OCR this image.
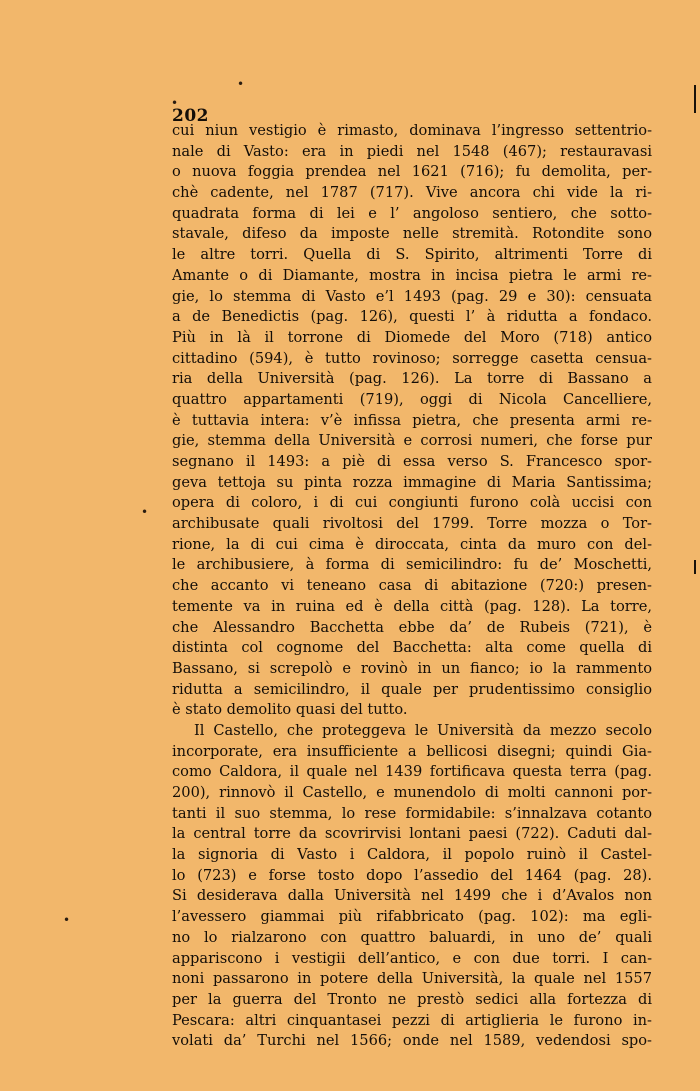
•
•
•
•
202
cui niun vestigio è rimasto, dominava l’ingresso settentrio-
nale di Vasto: era in piedi nel 1548 (467); restauravasi
o nuova foggia prendea nel 1621 (716); fu demolita, per-
chè cadente, nel 1787 (717). Vive ancora chi vide la ri-
quadrata forma di lei e l’ angoloso sentiero, che sotto-
stavale, difeso da imposte nelle stremità. Rotondite sono
le altre torri. Quella di S. Spirito, altrimenti Torre di
Amante o di Diamante, mostra in incisa pietra le armi re-
gie, lo stemma di Vasto e’l 1493 (pag. 29 e 30): censuata
a de Benedictis (pag. 126), questi l’ à ridutta a fondaco.
Più in là il torrone di Diomede del Moro (718) antico
cittadino (594), è tutto rovinoso; sorregge casetta censua-
ria della Università (pag. 126). La torre di Bassano a
quattro appartamenti (719), oggi di Nicola Cancelliere,
è tuttavia intera: v’è infissa pietra, che presenta armi re-
gie, stemma della Università e corrosi numeri, che forse pur
segnano il 1493: a piè di essa verso S. Francesco spor-
geva tettoja su pinta rozza immagine di Maria Santissima;
opera di coloro, i di cui congiunti furono colà uccisi con
archibusate quali rivoltosi del 1799. Torre mozza o Tor-
rione, la di cui cima è diroccata, cinta da muro con del-
le archibusiere, à forma di semicilindro: fu de’ Moschetti,
che accanto vi teneano casa di abitazione (720:) presen-
temente va in ruina ed è della città (pag. 128). La torre,
che Alessandro Bacchetta ebbe da’ de Rubeis (721), è
distinta col cognome del Bacchetta: alta come quella di
Bassano, si screpolò e rovinò in un fianco; io la rammento
ridutta a semicilindro, il quale per prudentissimo consiglio
è stato demolito quasi del tutto.
Il Castello, che proteggeva le Università da mezzo secolo
incorporate, era insufficiente a bellicosi disegni; quindi Gia-
como Caldora, il quale nel 1439 fortificava questa terra (pag.
200), rinnovò il Castello, e munendolo di molti cannoni por-
tanti il suo stemma, lo rese formidabile: s’innalzava cotanto
la central torre da scovrirvisi lontani paesi (722). Caduti dal-
la signoria di Vasto i Caldora, il popolo ruinò il Castel-
lo (723) e forse tosto dopo l’assedio del 1464 (pag. 28).
Si desiderava dalla Università nel 1499 che i d’Avalos non
l’avessero giammai più rifabbricato (pag. 102): ma egli-
no lo rialzarono con quattro baluardi, in uno de’ quali
appariscono i vestigii dell’antico, e con due torri. I can-
noni passarono in potere della Università, la quale nel 1557
per la guerra del Tronto ne prestò sedici alla fortezza di
Pescara: altri cinquantasei pezzi di artiglieria le furono in-
volati da’ Turchi nel 1566; onde nel 1589, vedendosi spo-
